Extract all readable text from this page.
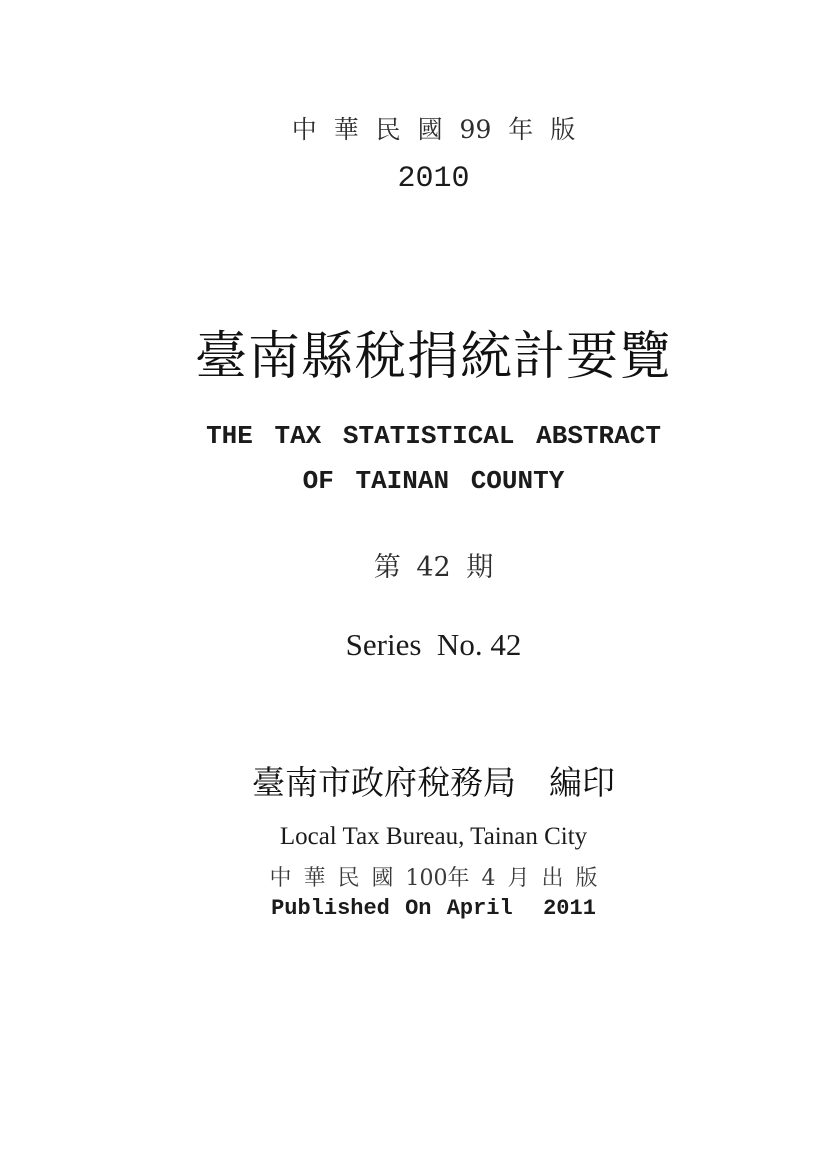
中 華 民 國 99 年 版
2010
臺南縣稅捐統計要覽
THE TAX STATISTICAL ABSTRACT
OF TAINAN COUNTY
第 42 期
Series  No. 42
臺南市政府稅務局　編印
Local Tax Bureau, Tainan City
中 華 民 國 100年 4 月 出 版
Published On April  2011
